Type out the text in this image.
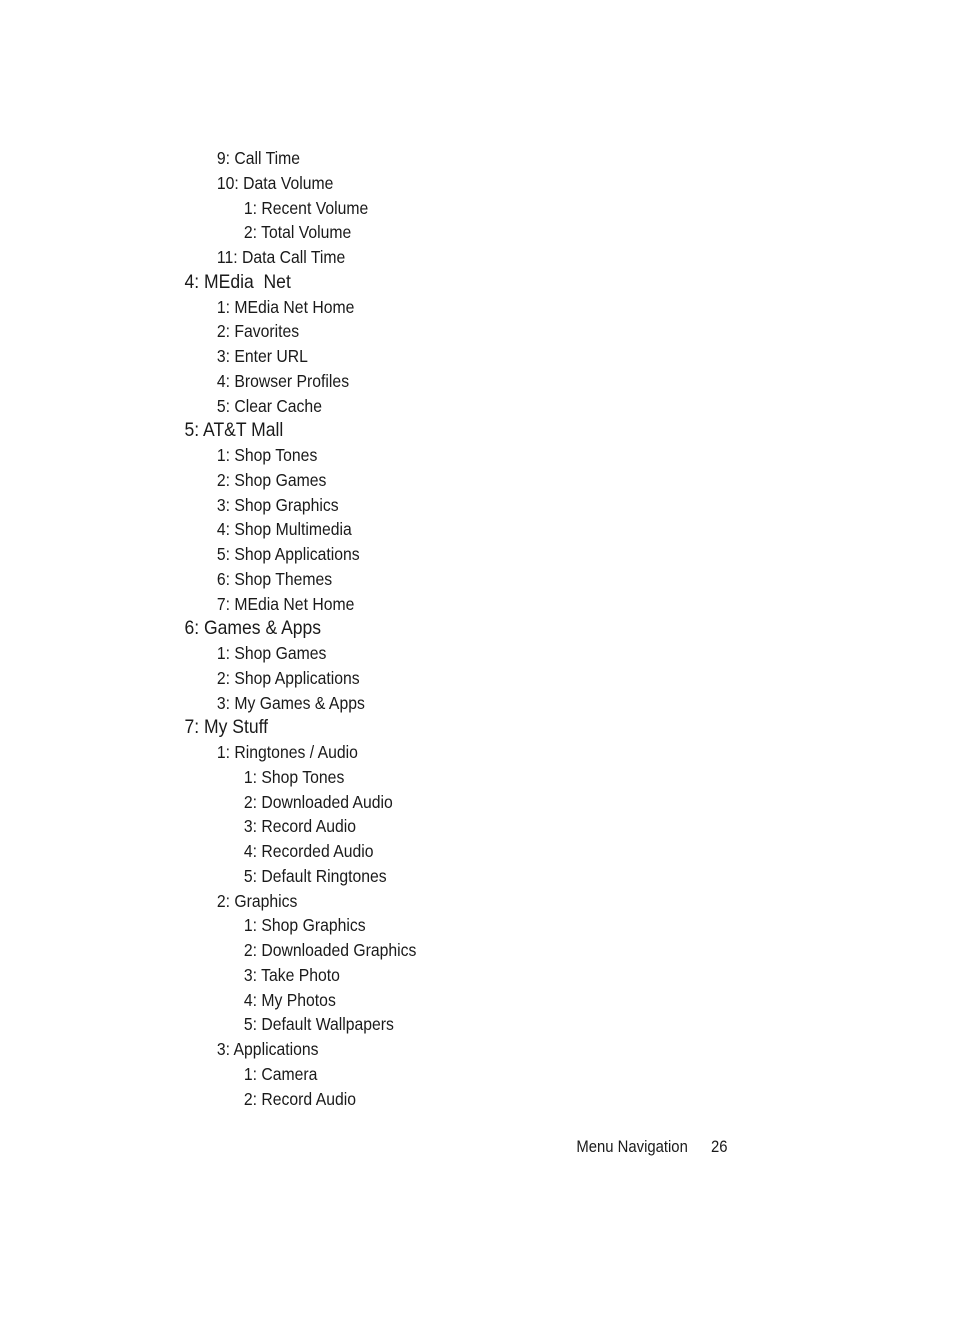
9: Call Time
10: Data Volume
1: Recent Volume
2: Total Volume
11: Data Call Time
4: MEdia  Net
1: MEdia Net Home
2: Favorites
3: Enter URL
4: Browser Profiles
5: Clear Cache
5: AT&T Mall
1: Shop Tones
2: Shop Games
3: Shop Graphics
4: Shop Multimedia
5: Shop Applications
6: Shop Themes
7: MEdia Net Home
6: Games & Apps
1: Shop Games
2: Shop Applications
3: My Games & Apps
7: My Stuff
1: Ringtones / Audio
1: Shop Tones
2: Downloaded Audio
3: Record Audio
4: Recorded Audio
5: Default Ringtones
2: Graphics
1: Shop Graphics
2: Downloaded Graphics
3: Take Photo
4: My Photos
5: Default Wallpapers
3: Applications
1: Camera
2: Record Audio
Menu Navigation 26
